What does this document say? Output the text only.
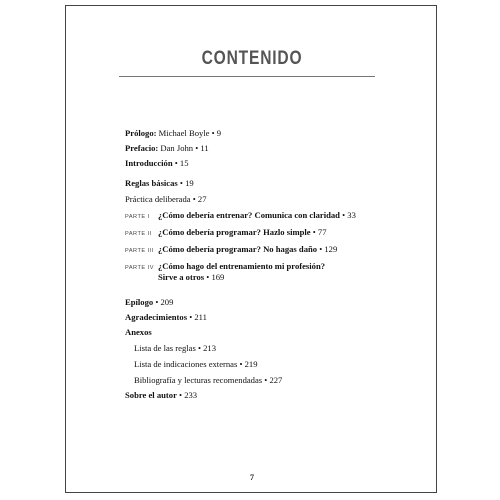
CONTENIDO
Prólogo: Michael Boyle • 9
Prefacio: Dan John • 11
Introducción • 15
Reglas básicas • 19
Práctica deliberada • 27
PARTE I ¿Cómo debería entrenar? Comunica con claridad • 33
PARTE II ¿Cómo debería programar? Hazlo simple • 77
PARTE III ¿Cómo debería programar? No hagas daño • 129
PARTE IV ¿Cómo hago del entrenamiento mi profesión?
Sirve a otros • 169
Epílogo • 209
Agradecimientos • 211
Anexos
Lista de las reglas • 213
Lista de indicaciones externas • 219
Bibliografía y lecturas recomendadas • 227
Sobre el autor • 233
7
